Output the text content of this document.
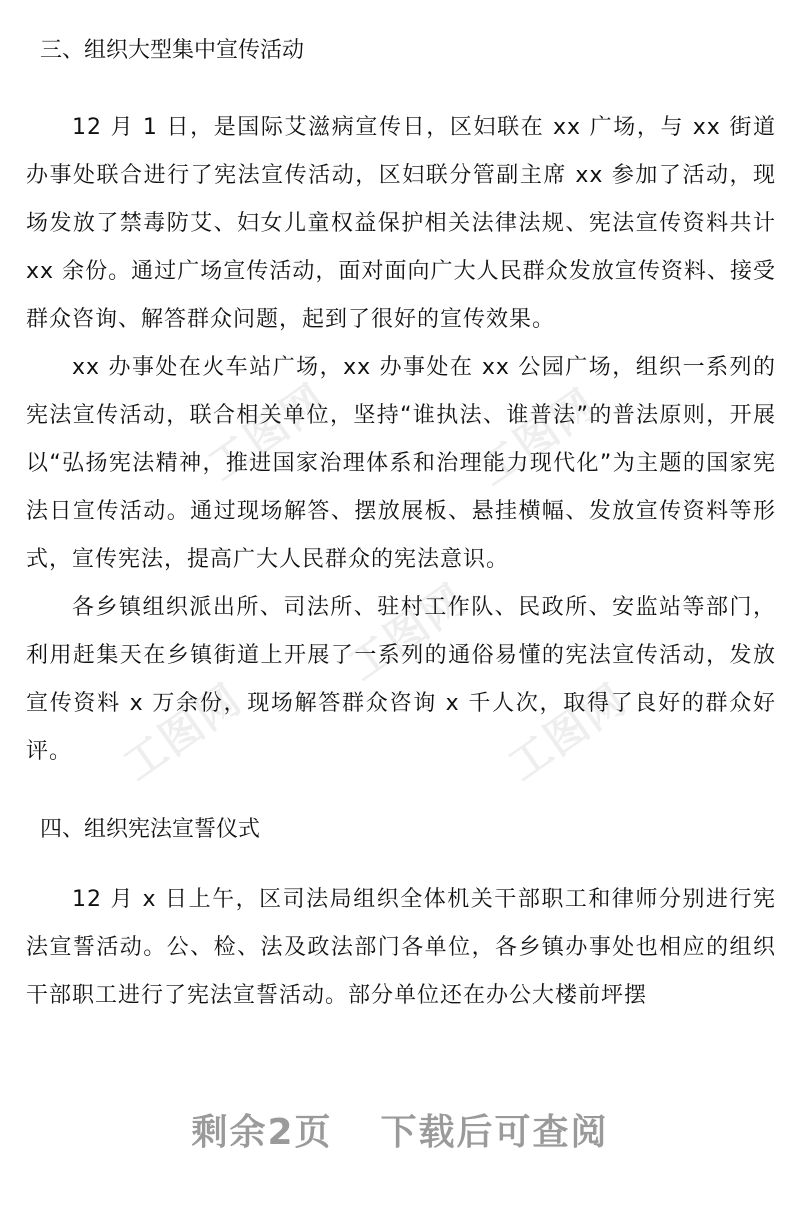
工图网	工图网
工图网
工图网	工图网
三、组织大型集中宣传活动

12 月 1 日，是国际艾滋病宣传日，区妇联在 xx 广场，与 xx 街道办事处联合进行了宪法宣传活动，区妇联分管副主席 xx 参加了活动，现场发放了禁毒防艾、妇女儿童权益保护相关法律法规、宪法宣传资料共计 xx 余份。通过广场宣传活动，面对面向广大人民群众发放宣传资料、接受群众咨询、解答群众问题，起到了很好的宣传效果。

xx 办事处在火车站广场，xx 办事处在 xx 公园广场，组织一系列的宪法宣传活动，联合相关单位，坚持“谁执法、谁普法”的普法原则，开展以“弘扬宪法精神，推进国家治理体系和治理能力现代化”为主题的国家宪法日宣传活动。通过现场解答、摆放展板、悬挂横幅、发放宣传资料等形式，宣传宪法，提高广大人民群众的宪法意识。

各乡镇组织派出所、司法所、驻村工作队、民政所、安监站等部门，利用赶集天在乡镇街道上开展了一系列的通俗易懂的宪法宣传活动，发放宣传资料 x 万余份，现场解答群众咨询 x 千人次，取得了良好的群众好评。

四、组织宪法宣誓仪式

12 月 x 日上午，区司法局组织全体机关干部职工和律师分别进行宪法宣誓活动。公、检、法及政法部门各单位，各乡镇办事处也相应的组织干部职工进行了宪法宣誓活动。部分单位还在办公大楼前坪摆

剩余2页 下载后可查阅
